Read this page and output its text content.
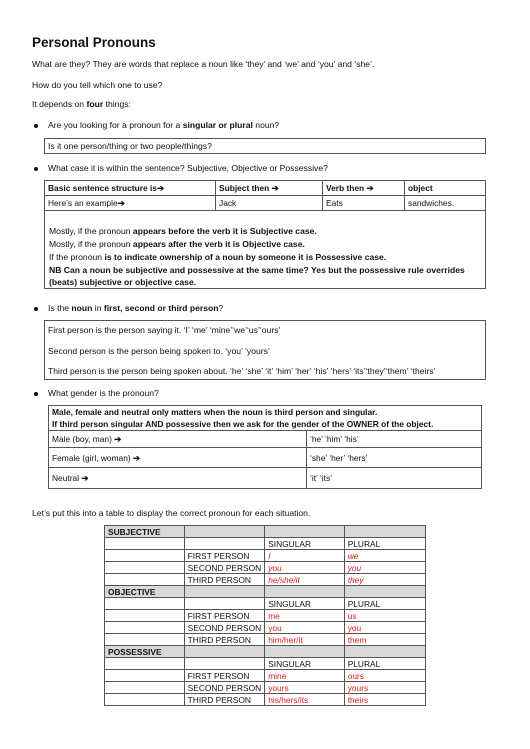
Personal Pronouns
What are they? They are words that replace a noun like ‘they’ and ‘we’ and ‘you’ and ‘she’.
How do you tell which one to use?
It depends on four things:
Are you looking for a pronoun for a singular or plural noun?
Is it one person/thing or two people/things?
What case it is within the sentence? Subjective, Objective or Possessive?
Basic sentence structure is➔	Subject then ➔	Verb then ➔	object
Here’s an example➔	Jack	Eats	sandwiches.
Mostly, if the pronoun appears before the verb it is Subjective case.
Mostly, if the pronoun appears after the verb it is Objective case.
If the pronoun is to indicate ownership of a noun by someone it is Possessive case.
NB Can a noun be subjective and possessive at the same time? Yes but the possessive rule overrides
(beats) subjective or objective case.
Is the noun in first, second or third person?
First person is the person saying it. ‘I’ ‘me’ ‘mine’‘we’‘us’‘ours’
Second person is the person being spoken to. ‘you’ ‘yours’
Third person is the person being spoken about. ‘he’ ‘she’ ‘it’ ‘him’ ‘her’ ‘his’ ‘hers’ ‘its’‘they’‘them’ ‘theirs’
What gender is the pronoun?
Male, female and neutral only matters when the noun is third person and singular.
If third person singular AND possessive then we ask for the gender of the OWNER of the object.	

Male (boy, man) ➔	‘he’ ‘him’ ‘his’
Female (girl, woman) ➔	‘she’ ‘her’ ‘hers’
Neutral ➔	‘it’ ‘its’
Let’s put this into a table to display the correct pronoun for each situation.
SUBJECTIVE			
		SINGULAR	PLURAL
	FIRST PERSON	I	we
	SECOND PERSON	you	you
	THIRD PERSON	he/she/it	they
OBJECTIVE			
		SINGULAR	PLURAL
	FIRST PERSON	me	us
	SECOND PERSON	you	you
	THIRD PERSON	him/her/it	them
POSSESSIVE			
		SINGULAR	PLURAL
	FIRST PERSON	mine	ours
	SECOND PERSON	yours	yours
	THIRD PERSON	his/hers/its	theirs
